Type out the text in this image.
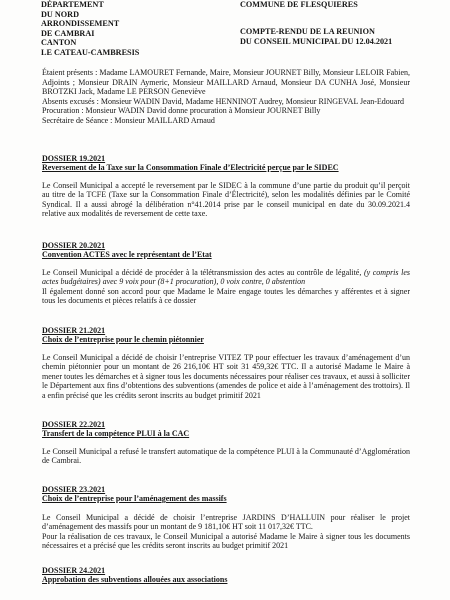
DÉPARTEMENT
DU NORD
ARRONDISSEMENT
DE CAMBRAI
CANTON
LE CATEAU-CAMBRESIS
COMMUNE DE FLESQUIERES
COMPTE-RENDU DE LA REUNION
DU CONSEIL MUNICIPAL DU 12.04.2021

Étaient présents : Madame LAMOURET Fernande, Maire, Monsieur JOURNET Billy, Monsieur LELOIR Fabien, Adjoints ; Monsieur DRAIN Aymeric, Monsieur MAILLARD Arnaud, Monsieur DA CUNHA José, Monsieur BROTZKI Jack, Madame LE PERSON Geneviève

Absents excusés : Monsieur WADIN David, Madame HENNINOT Audrey, Monsieur RINGEVAL Jean-Edouard

Procuration : Monsieur WADIN David donne procuration à Monsieur JOURNET Billy

Secrétaire de Séance : Monsieur MAILLARD Arnaud

DOSSIER 19.2021
Reversement de la Taxe sur la Consommation Finale d’Electricité perçue par le SIDEC

Le Conseil Municipal a accepté le reversement par le SIDEC à la commune d’une partie du produit qu’il perçoit au titre de la TCFE (Taxe sur la Consommation Finale d’Électricité), selon les modalités définies par le Comité Syndical. Il a aussi abrogé la délibération n°41.2014 prise par le conseil municipal en date du 30.09.2021.4 relative aux modalités de reversement de cette taxe.

DOSSIER 20.2021
Convention ACTES avec le représentant de l’Etat

Le Conseil Municipal a décidé de procéder à la télétransmission des actes au contrôle de légalité, (y compris les actes budgétaires) avec 9 voix pour (8+1 procuration), 0 voix contre, 0 abstention

Il également donné son accord pour que Madame le Maire engage toutes les démarches y afférentes et à signer tous les documents et pièces relatifs à ce dossier

DOSSIER 21.2021
Choix de l’entreprise pour le chemin piétonnier

Le Conseil Municipal a décidé de choisir l’entreprise VITEZ TP pour effectuer les travaux d’aménagement d’un chemin piétonnier pour un montant de 26 216,10€ HT soit 31 459,32€ TTC. Il a autorisé Madame le Maire à mener toutes les démarches et à signer tous les documents nécessaires pour réaliser ces travaux, et aussi à solliciter le Département aux fins d’obtentions des subventions (amendes de police et aide à l’aménagement des trottoirs). Il a enfin précisé que les crédits seront inscrits au budget primitif 2021

DOSSIER 22.2021
Transfert de la compétence PLUI à la CAC

Le Conseil Municipal a refusé le transfert automatique de la compétence PLUI à la Communauté d’Agglomération de Cambrai.

DOSSIER 23.2021
Choix de l’entreprise pour l’aménagement des massifs

Le Conseil Municipal a décidé de choisir l’entreprise JARDINS D’HALLUIN pour réaliser le projet d’aménagement des massifs pour un montant de 9 181,10€ HT soit 11 017,32€ TTC.

Pour la réalisation de ces travaux, le Conseil Municipal a autorisé Madame le Maire à signer tous les documents nécessaires et a précisé que les crédits seront inscrits au budget primitif 2021

DOSSIER 24.2021
Approbation des subventions allouées aux associations
